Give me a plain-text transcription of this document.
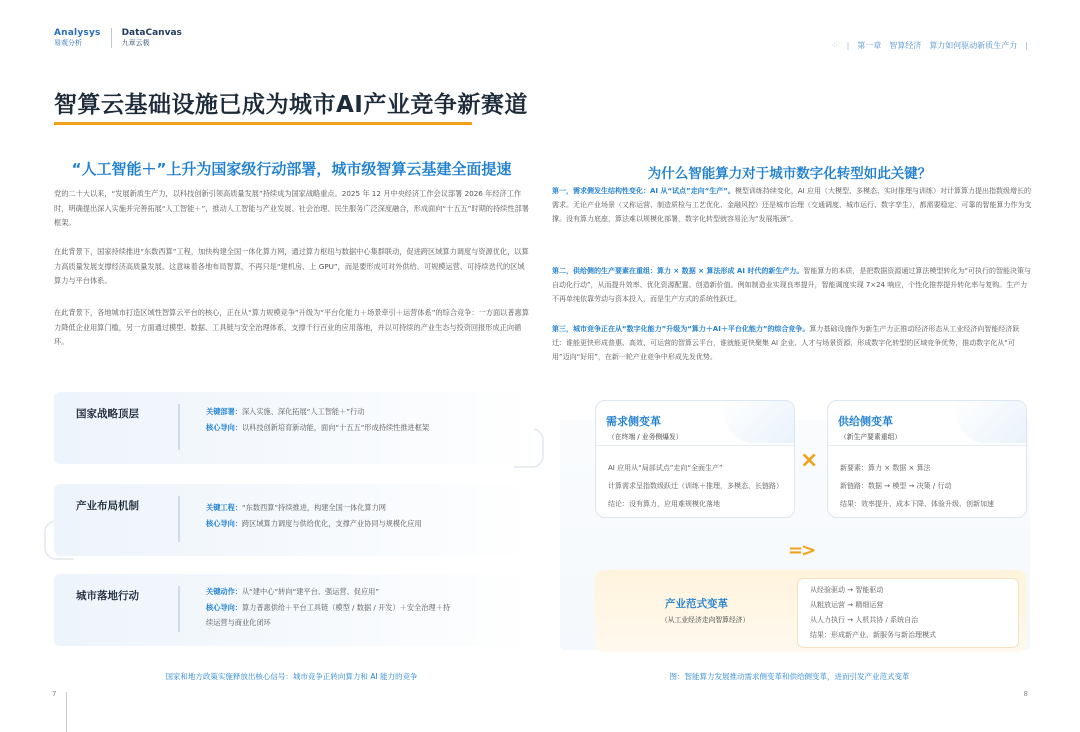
Analysys
易观分析
DataCanvas
九章云极	⁘ | 第一章 智算经济 算力如何驱动新质生产力 |
智算云基础设施已成为城市AI产业竞争新赛道
“人工智能＋”上升为国家级行动部署，城市级智算云基建全面提速
党的二十大以来，“发展新质生产力，以科技创新引领高质量发展”持续成为国家战略重点。2025 年 12 月中央经济工作会议部署 2026 年经济工作时，明确提出深入实施并完善拓展“人工智能＋”，推动人工智能与产业发展、社会治理、民生服务广泛深度融合，形成面向“十五五”时期的持续性部署框架。
在此背景下，国家持续推进“东数西算”工程，加快构建全国一体化算力网，通过算力枢纽与数据中心集群联动，促进跨区域算力调度与资源优化，以算力高质量发展支撑经济高质量发展。这意味着各地布局智算，不再只是“建机房、上 GPU”，而是要形成可对外供给、可规模运营、可持续迭代的区域算力与平台体系。
在此背景下，各地城市打造区域性智算云平台的核心，正在从“算力规模竞争”升级为“平台化能力＋场景牵引＋运营体系”的综合竞争：一方面以普惠算力降低企业用算门槛，另一方面通过模型、数据、工具链与安全治理体系，支撑千行百业的应用落地，并以可持续的产业生态与投资回报形成正向循环。
国家战略顶层	关键部署：深入实施、深化拓展“人工智能＋”行动
核心导向：以科技创新培育新动能，面向“十五五”形成持续性推进框架
产业布局机制	关键工程：“东数西算”持续推进，构建全国一体化算力网
核心导向：跨区域算力调度与供给优化，支撑产业协同与规模化应用
城市落地行动	关键动作：从“建中心”转向“建平台、强运营、促应用”
核心导向：算力普惠供给＋平台工具链（模型 / 数据 / 开发）＋安全治理＋持
续运营与商业化闭环
国家和地方政策实施释放出核心信号：城市竞争正转向算力和 AI 能力的竞争
为什么智能算力对于城市数字化转型如此关键？
第一，需求侧发生结构性变化：AI 从“试点”走向“生产”。模型训练持续变化，AI 应用（大模型、多模态、实时推理与训练）对计算算力提出指数级增长的需求。无论产业场景（又称运营、制造质检与工艺优化、金融风控）还是城市治理（交通调度、城市运行、数字孪生），都需要稳定、可靠的智能算力作为支撑。没有算力底座，算法难以规模化部署，数字化转型就容易沦为“发展瓶颈”。
第二，供给侧的生产要素在重组：算力 × 数据 × 算法形成 AI 时代的新生产力。智能算力的本质，是把数据资源通过算法模型转化为“可执行的智能决策与自动化行动”，从而提升效率、优化资源配置、创造新价值。例如制造业实现良率提升，智能调度实现 7×24 响应，个性化推荐提升转化率与复购。生产力不再单纯依靠劳动与资本投入，而是生产方式的系统性跃迁。
第三，城市竞争正在从“数字化能力”升级为“算力＋AI＋平台化能力”的综合竞争。算力基础设施作为新生产力正推动经济形态从工业经济向智能经济跃迁：谁能更快形成普惠、高效、可运营的智算云平台，谁就能更快聚集 AI 企业、人才与场景资源，形成数字化转型的区域竞争优势，推动数字化从“可用”迈向“好用”，在新一轮产业竞争中形成先发优势。
需求侧变革
（在终端 / 业务侧爆发）
AI 应用从“局部试点”走向“全面生产”
计算需求呈指数级跃迁（训练＋推理，多模态，长链路）
结论：没有算力，应用难规模化落地
×
供给侧变革
（新生产要素重组）
新要素：算力 × 数据 × 算法
新链路：数据 → 模型 → 决策 / 行动
结果：效率提升、成本下降、体验升级、创新加速
=>
产业范式变革
（从工业经济走向智算经济）
从经验驱动 → 智能驱动
从粗放运营 → 精细运营
从人力执行 → 人机共协 / 系统自治
结果：形成新产业、新服务与新治理模式
图：智能算力发展推动需求侧变革和供给侧变革，进而引发产业范式变革
7	8
